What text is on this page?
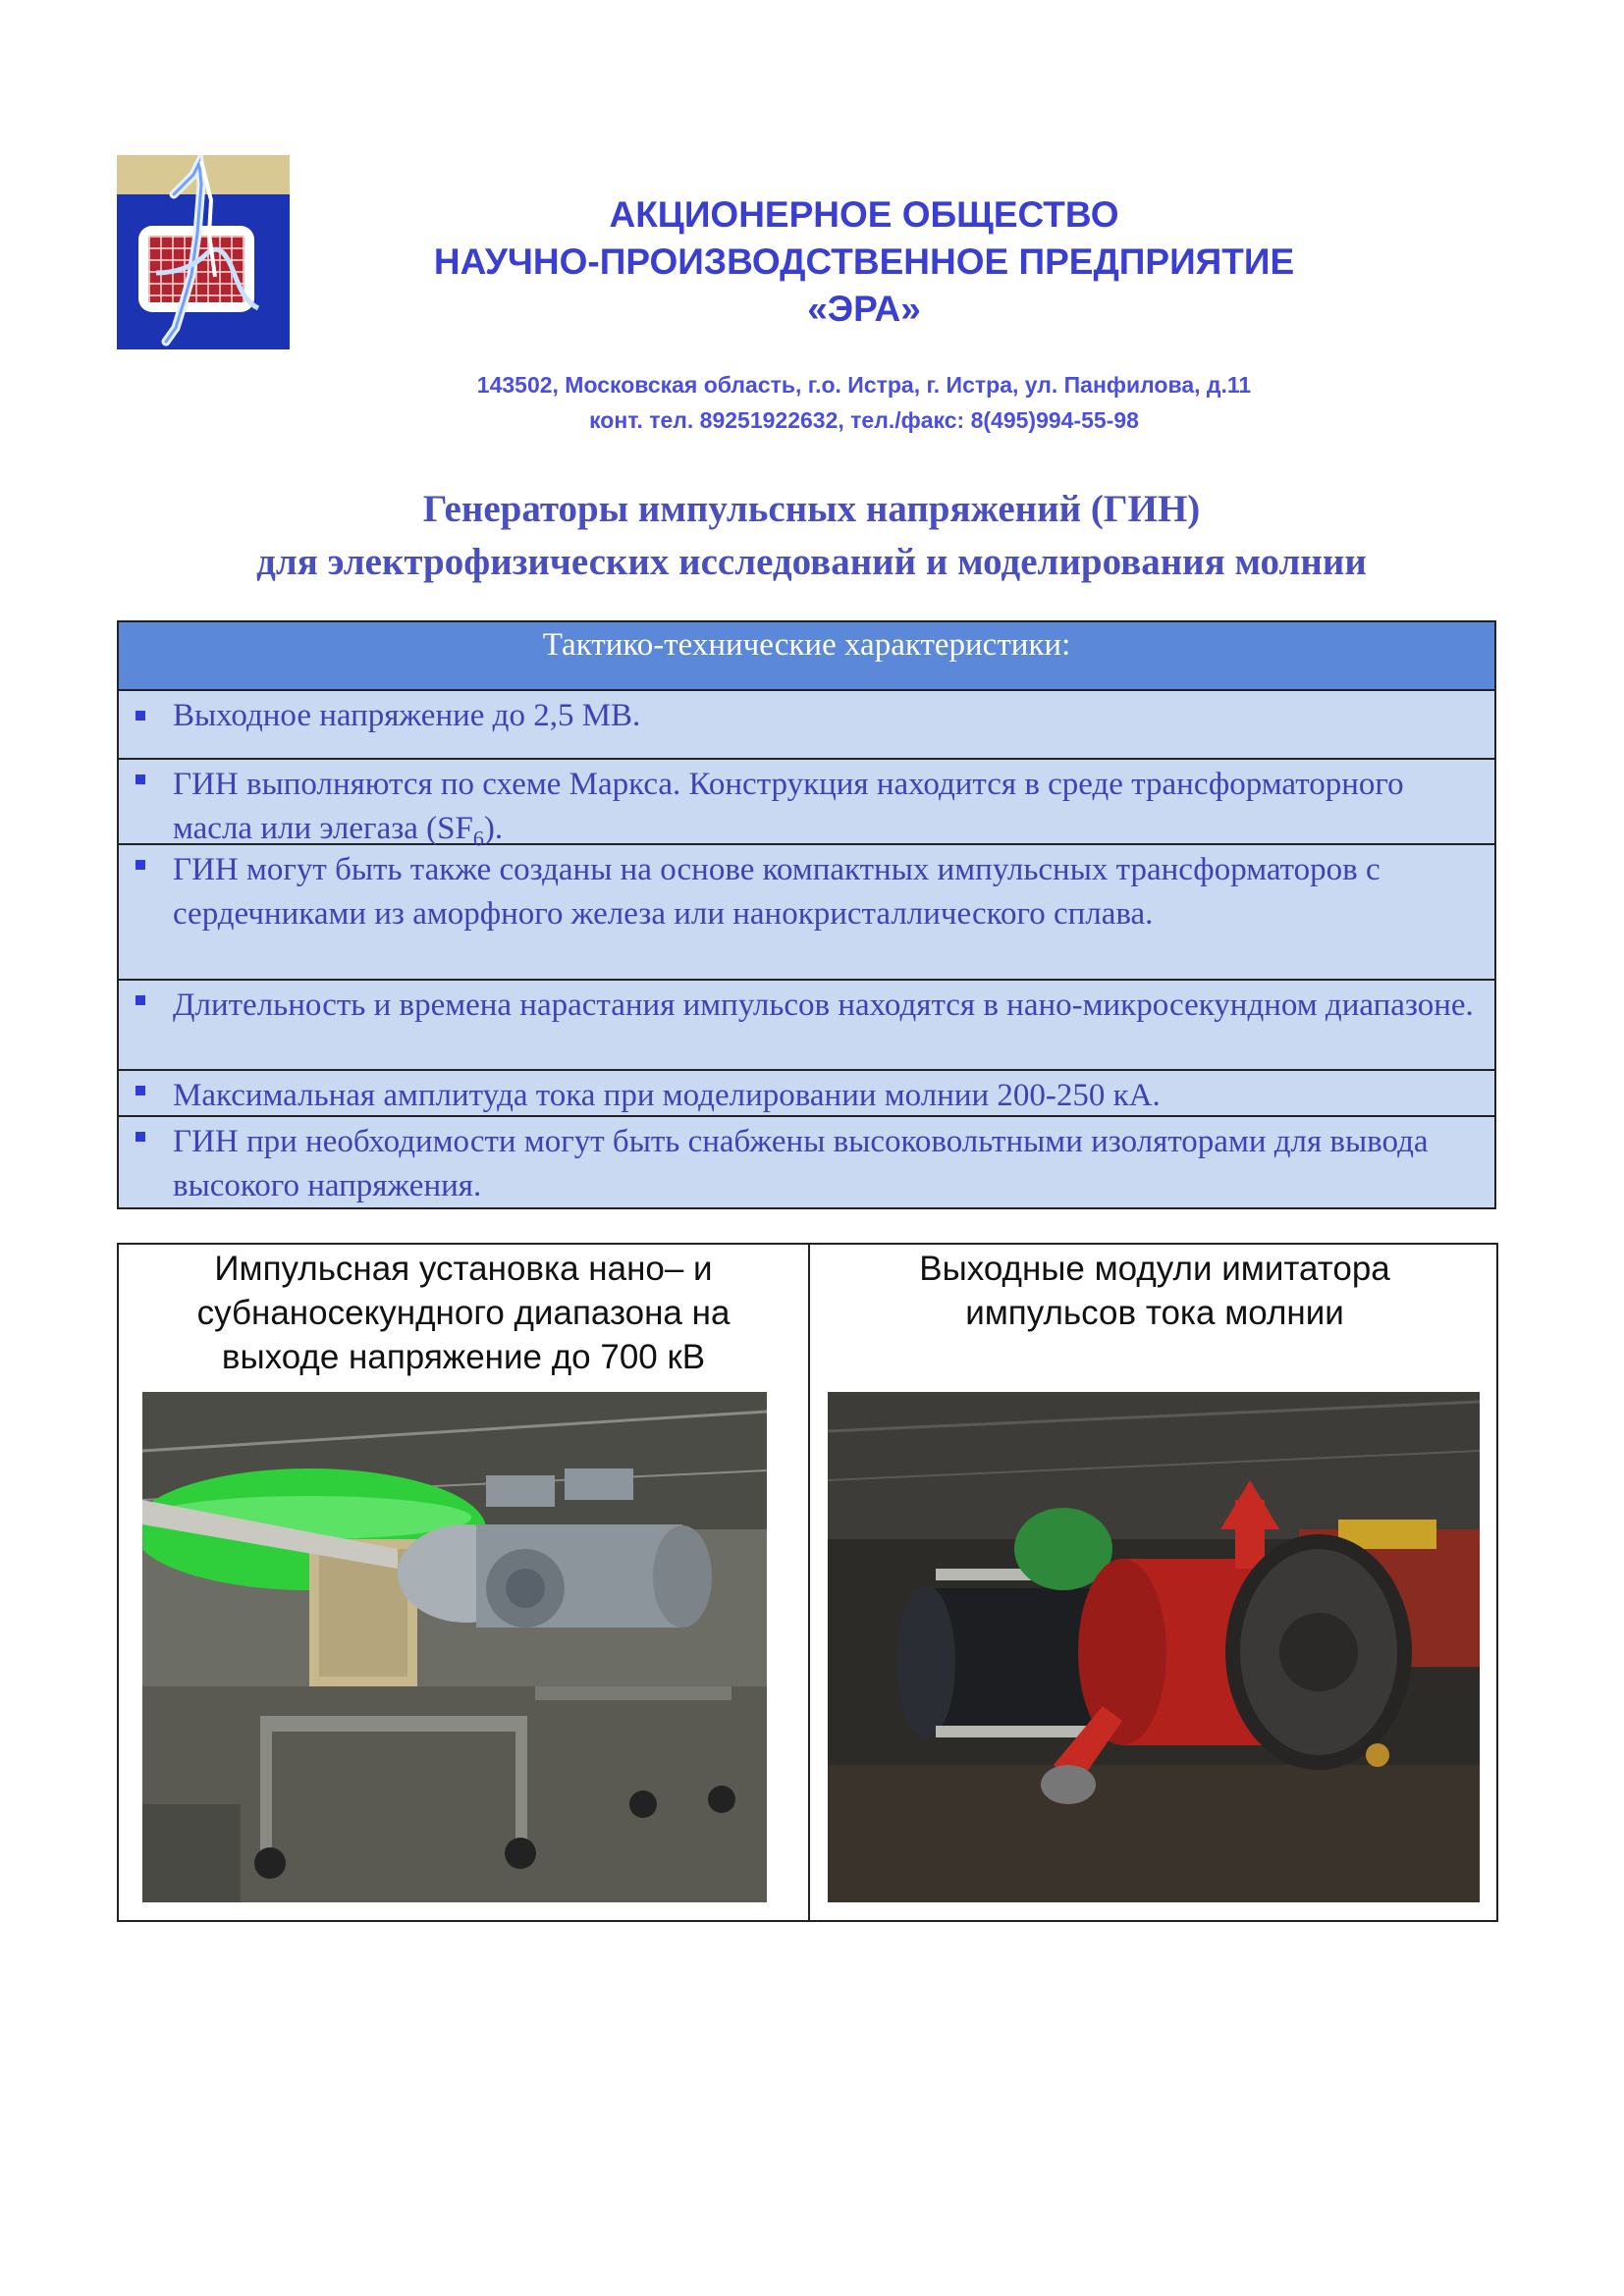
АКЦИОНЕРНОЕ ОБЩЕСТВО
НАУЧНО-ПРОИЗВОДСТВЕННОЕ ПРЕДПРИЯТИЕ
«ЭРА»
143502, Московская область, г.о. Истра, г. Истра, ул. Панфилова, д.11
конт. тел. 89251922632, тел./факс: 8(495)994-55-98
Генераторы импульсных напряжений (ГИН)
для электрофизических исследований и моделирования молнии
Тактико-технические характеристики:
Выходное напряжение до 2,5 МВ.
ГИН выполняются по схеме Маркса. Конструкция находится в среде трансформаторного масла или элегаза $(SF_6)$.
ГИН могут быть также созданы на основе компактных импульсных трансформаторов с сердечниками из аморфного железа или нанокристаллического сплава.
Длительность и времена нарастания импульсов находятся в нано-микросекундном диапазоне.
Максимальная амплитуда тока при моделировании молнии 200-250 кА.
ГИН при необходимости могут быть снабжены высоковольтными изоляторами для вывода высокого напряжения.
Импульсная установка нано– и
субнаносекундного диапазона на
выходе напряжение до 700 кВ
Выходные модули имитатора
импульсов тока молнии
